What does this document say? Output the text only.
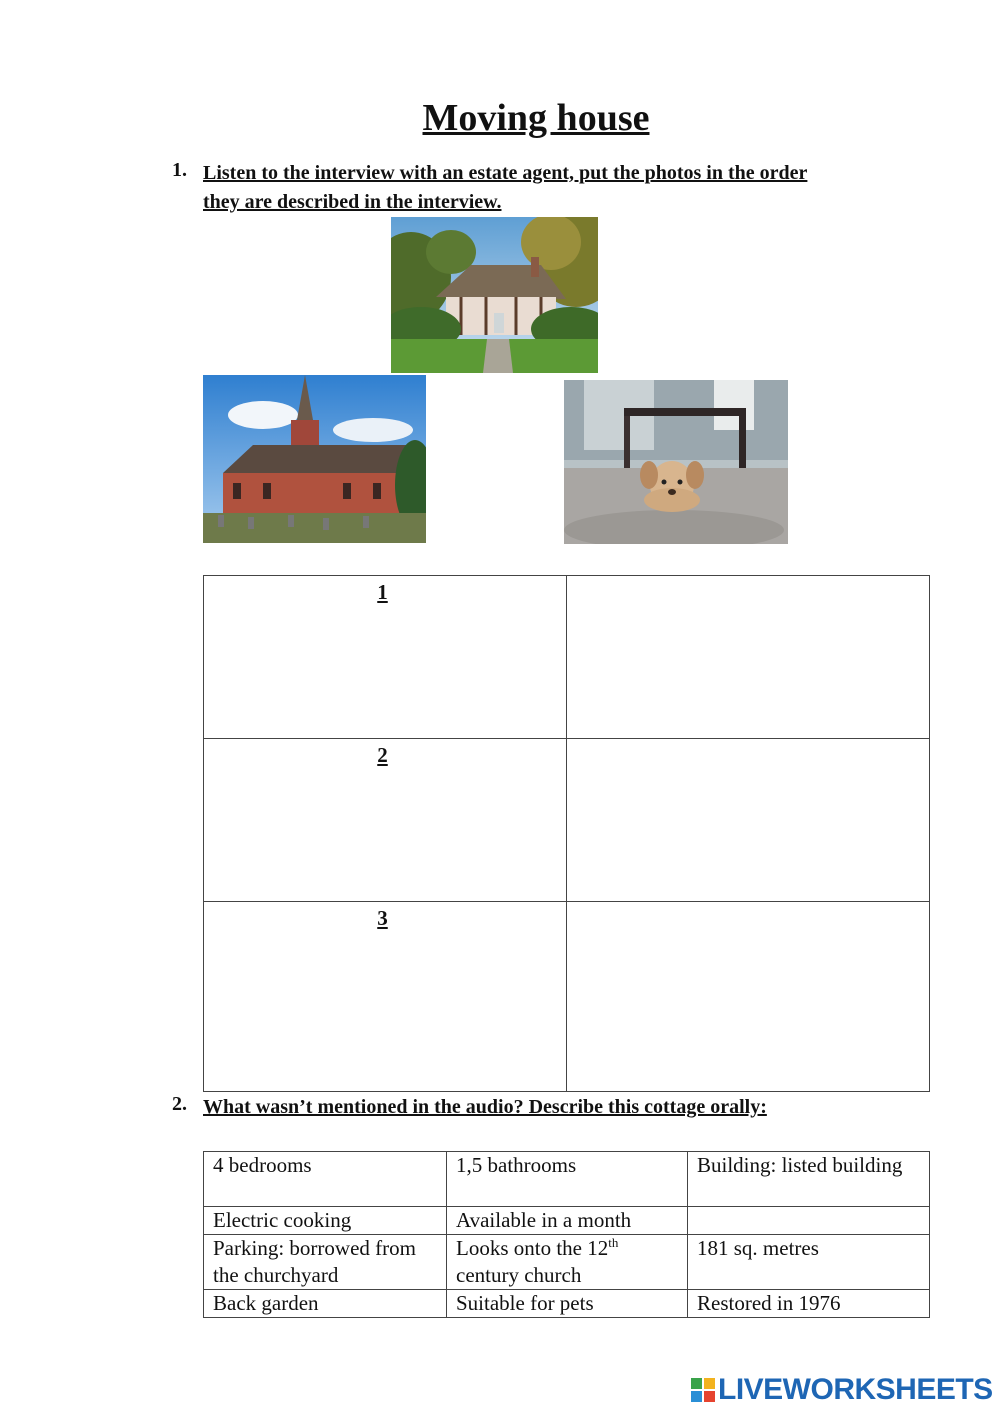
Moving house
1. Listen to the interview with an estate agent, put the photos in the order
they are described in the interview.
1	
2	
3	
2. What wasn’t mentioned in the audio? Describe this cottage orally:
4 bedrooms	1,5 bathrooms	Building: listed building
Electric cooking	Available in a month	
Parking: borrowed from the churchyard	Looks onto the 12th century church	181 sq. metres
Back garden	Suitable for pets	Restored in 1976
LIVEWORKSHEETS
